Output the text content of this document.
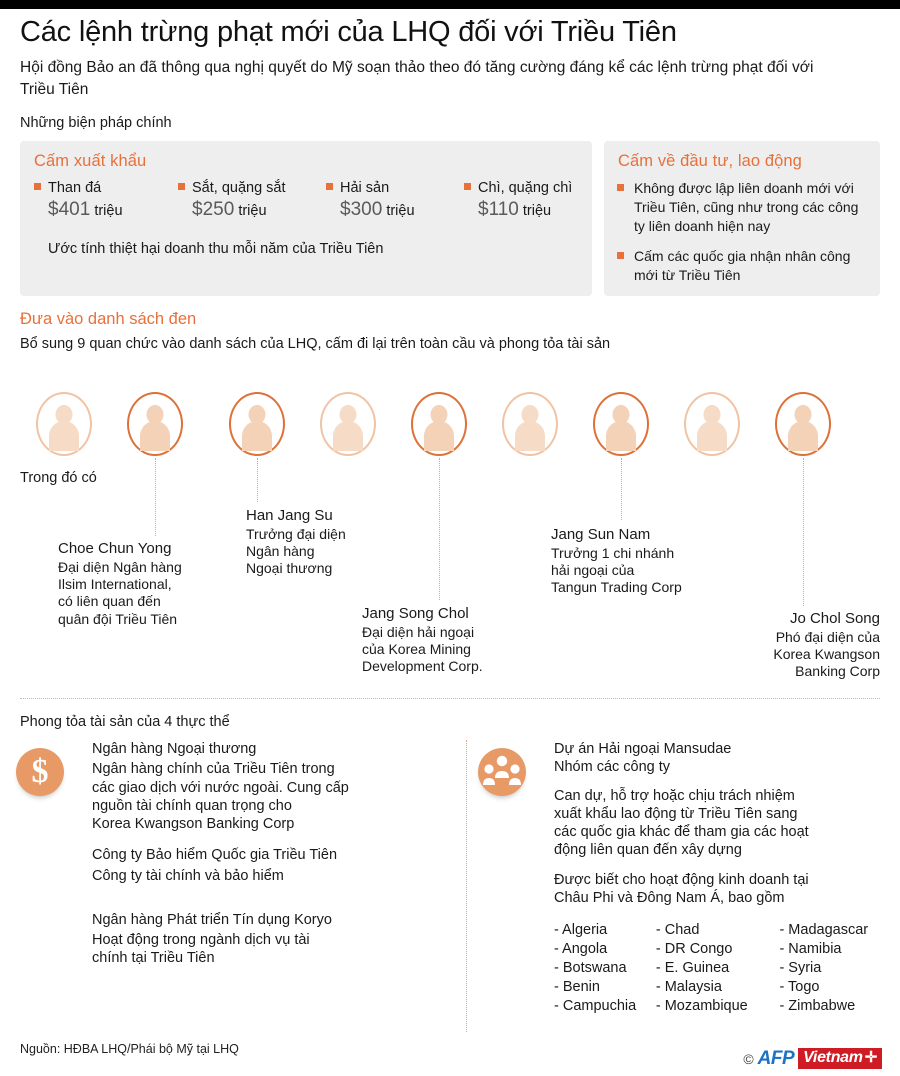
Các lệnh trừng phạt mới của LHQ đối với Triều Tiên
Hội đồng Bảo an đã thông qua nghị quyết do Mỹ soạn thảo theo đó tăng cường đáng kể các lệnh trừng phạt đối với Triều Tiên
Những biện pháp chính
Cấm xuất khẩu
Than đá
$401 triệu
Sắt, quặng sắt
$250 triệu
Hải sản
$300 triệu
Chì, quặng chì
$110 triệu
Ước tính thiệt hại doanh thu mỗi năm của Triều Tiên
Cấm về đầu tư, lao động
Không được lập liên doanh mới với Triều Tiên, cũng như trong các công ty liên doanh hiện nay
Cấm các quốc gia nhận nhân công mới từ Triều Tiên
Đưa vào danh sách đen
Bổ sung 9 quan chức vào danh sách của LHQ, cấm đi lại trên toàn cầu và phong tỏa tài sản
Trong đó có
Choe Chun Yong
Đại diện Ngân hàng
Ilsim International,
có liên quan đến
quân đội Triều Tiên
Han Jang Su
Trưởng đại diện
Ngân hàng
Ngoại thương
Jang Song Chol
Đại diện hải ngoại
của Korea Mining
Development Corp.
Jang Sun Nam
Trưởng 1 chi nhánh
hải ngoại của
Tangun Trading Corp
Jo Chol Song
Phó đại diện của
Korea Kwangson
Banking Corp
Phong tỏa tài sản của 4 thực thể
$
Ngân hàng Ngoại thương
Ngân hàng chính của Triều Tiên trong
các giao dịch với nước ngoài. Cung cấp
nguồn tài chính quan trọng cho
Korea Kwangson Banking Corp
Công ty Bảo hiểm Quốc gia Triều Tiên
Công ty tài chính và bảo hiểm
Ngân hàng Phát triển Tín dụng Koryo
Hoạt động trong ngành dịch vụ tài
chính tại Triều Tiên
Dự án Hải ngoại Mansudae
Nhóm các công ty
Can dự, hỗ trợ hoặc chịu trách nhiệm
xuất khẩu lao động từ Triều Tiên sang
các quốc gia khác để tham gia các hoạt
động liên quan đến xây dựng
Được biết cho hoạt động kinh doanh tại
Châu Phi và Đông Nam Á, bao gồm
- Algeria
- Angola
- Botswana
- Benin
- Campuchia
- Chad
- DR Congo
- E. Guinea
- Malaysia
- Mozambique
- Madagascar
- Namibia
- Syria
- Togo
- Zimbabwe
Nguồn: HĐBA LHQ/Phái bộ Mỹ tại LHQ
© AFP Vietnam ✛
